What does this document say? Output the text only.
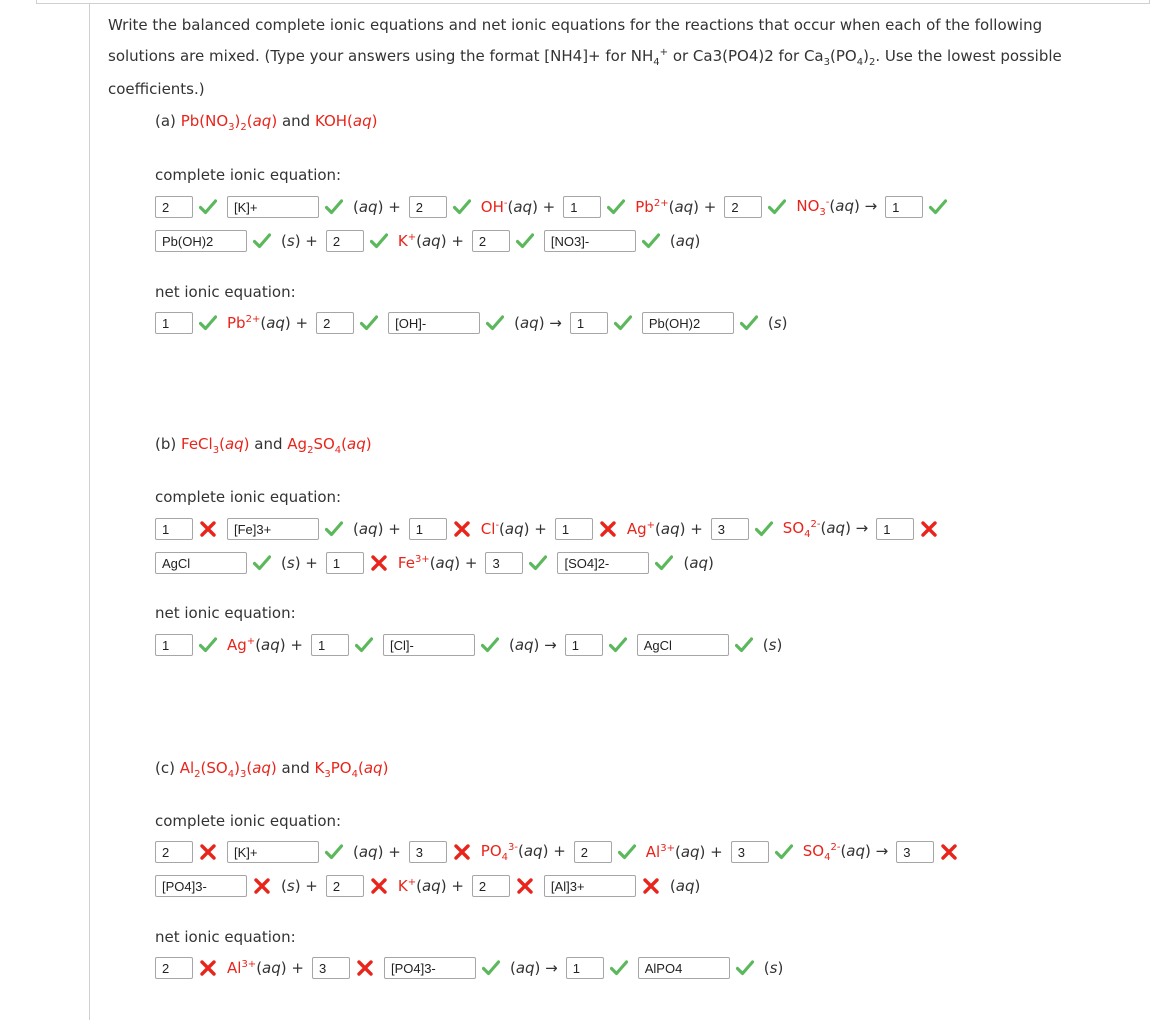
Write the balanced complete ionic equations and net ionic equations for the reactions that occur when each of the following
solutions are mixed. (Type your answers using the format [NH4]+ for $NH_4^+$ or Ca3(PO4)2 for $Ca_3(PO_4)_2$. Use the lowest possible
coefficients.)
(a) $Pb(NO_3)_2(aq)$ and KOH(aq)
complete ionic equation:
2	[K]+	(aq) +	2	OH-(aq) +	1	$Pb^{2+}(aq)$ +	2	$NO_3^-(aq)$ →	1
Pb(OH)2	(s) +	2	K+(aq) +	2	[NO3]-	(aq)
net ionic equation:
1	$Pb^{2+}(aq)$ +	2	[OH]-	(aq) →	1	Pb(OH)2	(s)
(b) FeCl$_3$(aq) and $Ag_2SO_4(aq)$
complete ionic equation:
1	[Fe]3+	(aq) +	1	Cl-(aq) +	1	Ag+(aq) +	3	$SO_4^{2-}(aq)$ →	1
AgCl	(s) +	1	$Fe^{3+}(aq)$ +	3	[SO4]2-	(aq)
net ionic equation:
1	Ag+(aq) +	1	[Cl]-	(aq) →	1	AgCl	(s)
(c) $Al_2(SO_4)_3(aq)$ and $K_3PO_4(aq)$
complete ionic equation:
2	[K]+	(aq) +	3	$PO_4^{3-}(aq)$ +	2	$Al^{3+}(aq)$ +	3	$SO_4^{2-}(aq)$ →	3
[PO4]3-	(s) +	2	K+(aq) +	2	[Al]3+	(aq)
net ionic equation:
2	$Al^{3+}(aq)$ +	3	[PO4]3-	(aq) →	1	AlPO4	(s)
